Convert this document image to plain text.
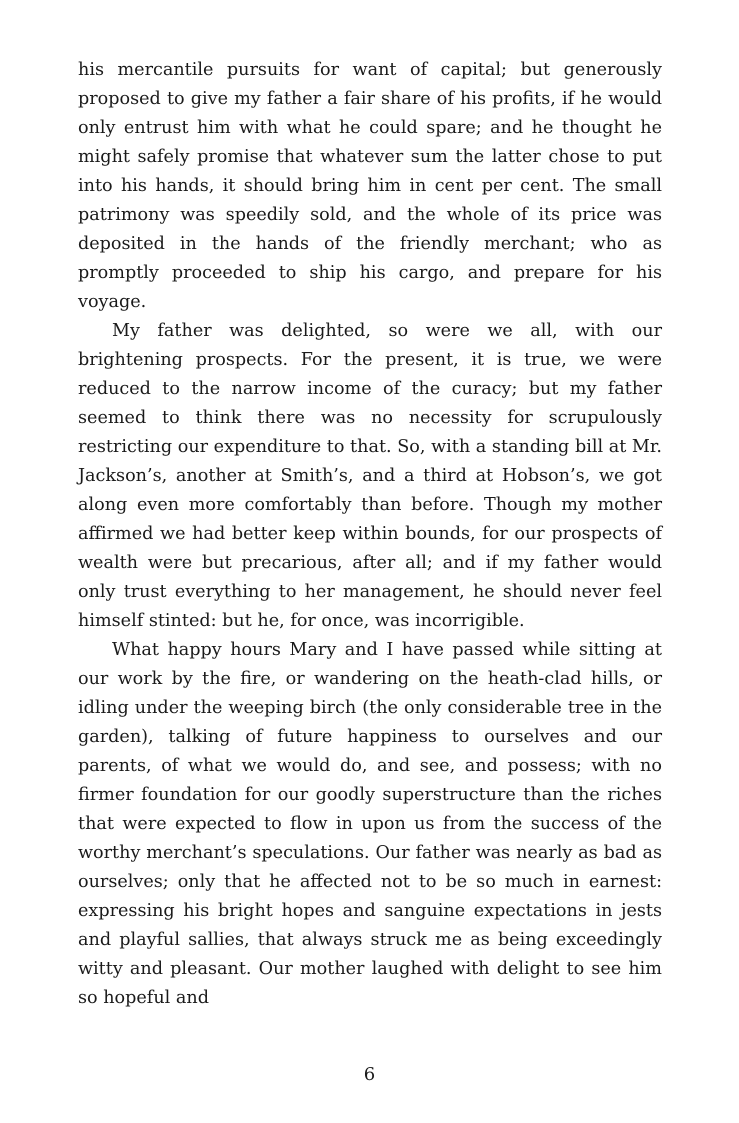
his mercantile pursuits for want of capital; but generously proposed to give my father a fair share of his profits, if he would only entrust him with what he could spare; and he thought he might safely promise that whatever sum the latter chose to put into his hands, it should bring him in cent per cent. The small patrimony was speedily sold, and the whole of its price was deposited in the hands of the friendly merchant; who as promptly proceeded to ship his cargo, and prepare for his voyage.

My father was delighted, so were we all, with our brightening prospects. For the present, it is true, we were reduced to the narrow income of the curacy; but my father seemed to think there was no necessity for scrupulously restricting our expenditure to that. So, with a standing bill at Mr. Jackson’s, another at Smith’s, and a third at Hobson’s, we got along even more comfortably than before. Though my mother affirmed we had better keep within bounds, for our prospects of wealth were but precarious, after all; and if my father would only trust everything to her management, he should never feel himself stinted: but he, for once, was incorrigible.

What happy hours Mary and I have passed while sitting at our work by the fire, or wandering on the heath-clad hills, or idling under the weeping birch (the only considerable tree in the garden), talking of future happiness to ourselves and our parents, of what we would do, and see, and possess; with no firmer foundation for our goodly superstructure than the riches that were expected to flow in upon us from the success of the worthy merchant’s speculations. Our father was nearly as bad as ourselves; only that he affected not to be so much in earnest: expressing his bright hopes and sanguine expectations in jests and playful sallies, that always struck me as being exceedingly witty and pleasant. Our mother laughed with delight to see him so hopeful and

6
